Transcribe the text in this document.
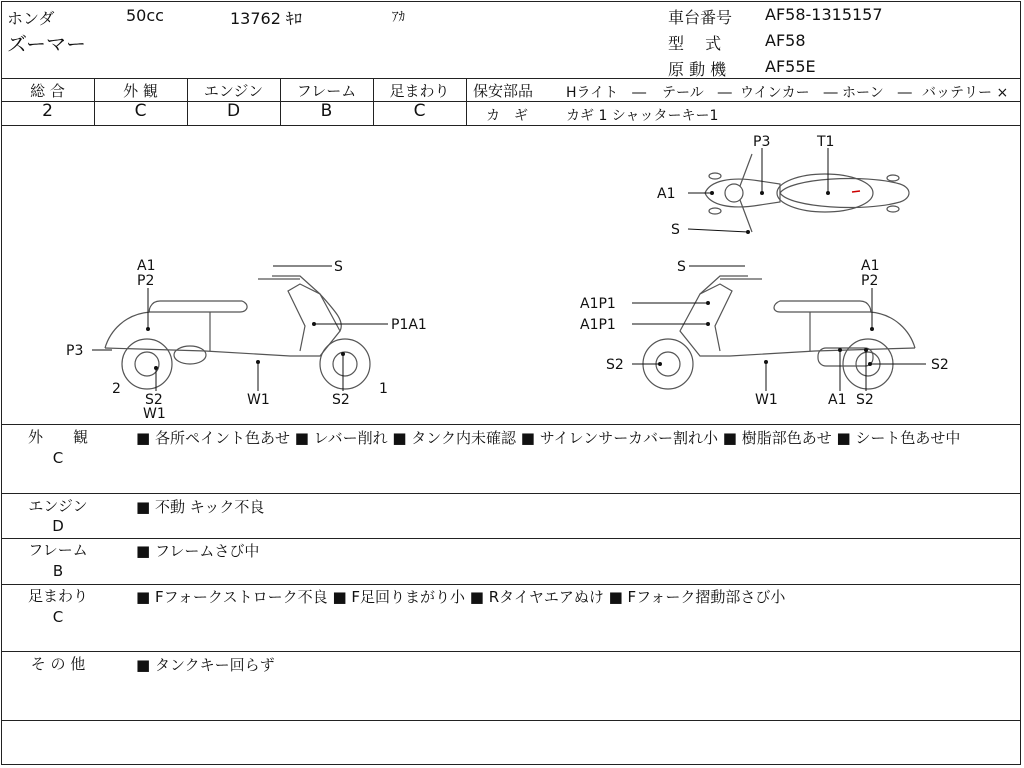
ホンダ	50cc	13762 ｷﾛ	ｱｶ
ズーマー
車台番号 AF58-1315157
型　 式	AF58
原 動 機 AF55E
総 合	外 観	エンジン	フレーム	足まわり
2	C	D	B	C
保安部品 Hライト　― テール　― ウインカー　― ホーン　― バッテリー ×
カ　ギ	カギ 1 シャッターキー1
P3	T1
A1
S
A1
P2
S
P1A1
P3
2
S2
W1
W1	S2
1
S	A1
P2
A1P1
A1P1
S2	S2
W1	A1 S2
外　　観
C
■ 各所ペイント色あせ ■ レバー削れ ■ タンク内未確認 ■ サイレンサーカバー割れ小 ■ 樹脂部色あせ ■ シート色あせ中
エンジン
D
■ 不動 キック不良
フレーム
B
■ フレームさび中
足まわり
C
■ Fフォークストローク不良 ■ F足回りまがり小 ■ Rタイヤエアぬけ ■ Fフォーク摺動部さび小
そ の 他	■ タンクキー回らず
